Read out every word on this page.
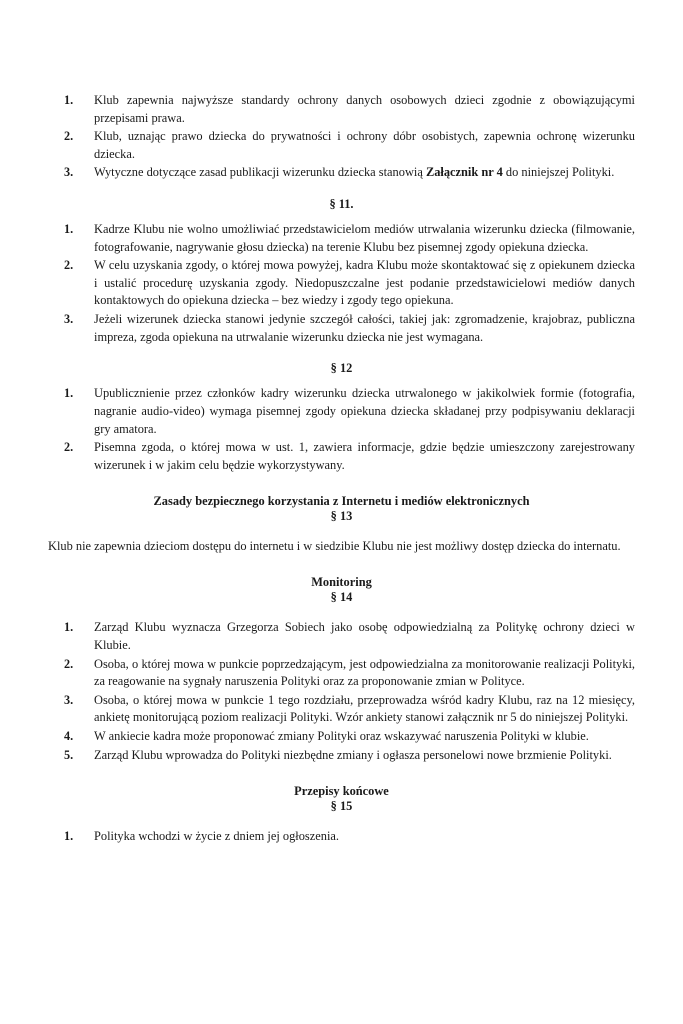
1. Klub zapewnia najwyższe standardy ochrony danych osobowych dzieci zgodnie z obowiązującymi przepisami prawa.
2. Klub, uznając prawo dziecka do prywatności i ochrony dóbr osobistych, zapewnia ochronę wizerunku dziecka.
3. Wytyczne dotyczące zasad publikacji wizerunku dziecka stanowią Załącznik nr 4 do niniejszej Polityki.

§ 11.

1. Kadrze Klubu nie wolno umożliwiać przedstawicielom mediów utrwalania wizerunku dziecka (filmowanie, fotografowanie, nagrywanie głosu dziecka) na terenie Klubu bez pisemnej zgody opiekuna dziecka.
2. W celu uzyskania zgody, o której mowa powyżej, kadra Klubu może skontaktować się z opiekunem dziecka i ustalić procedurę uzyskania zgody. Niedopuszczalne jest podanie przedstawicielowi mediów danych kontaktowych do opiekuna dziecka – bez wiedzy i zgody tego opiekuna.
3. Jeżeli wizerunek dziecka stanowi jedynie szczegół całości, takiej jak: zgromadzenie, krajobraz, publiczna impreza, zgoda opiekuna na utrwalanie wizerunku dziecka nie jest wymagana.

§ 12

1. Upublicznienie przez członków kadry wizerunku dziecka utrwalonego w jakikolwiek formie (fotografia, nagranie audio-video) wymaga pisemnej zgody opiekuna dziecka składanej przy podpisywaniu deklaracji gry amatora.
2. Pisemna zgoda, o której mowa w ust. 1, zawiera informacje, gdzie będzie umieszczony zarejestrowany wizerunek i w jakim celu będzie wykorzystywany.

Zasady bezpiecznego korzystania z Internetu i mediów elektronicznych

§ 13

Klub nie zapewnia dzieciom dostępu do internetu i w siedzibie Klubu nie jest możliwy dostęp dziecka do internatu.

Monitoring

§ 14

1. Zarząd Klubu wyznacza Grzegorza Sobiech jako osobę odpowiedzialną za Politykę ochrony dzieci w Klubie.
2. Osoba, o której mowa w punkcie poprzedzającym, jest odpowiedzialna za monitorowanie realizacji Polityki, za reagowanie na sygnały naruszenia Polityki oraz za proponowanie zmian w Polityce.
3. Osoba, o której mowa w punkcie 1 tego rozdziału, przeprowadza wśród kadry Klubu, raz na 12 miesięcy, ankietę monitorującą poziom realizacji Polityki. Wzór ankiety stanowi załącznik nr 5 do niniejszej Polityki.
4. W ankiecie kadra może proponować zmiany Polityki oraz wskazywać naruszenia Polityki w klubie.
5. Zarząd Klubu wprowadza do Polityki niezbędne zmiany i ogłasza personelowi nowe brzmienie Polityki.

Przepisy końcowe

§ 15

1. Polityka wchodzi w życie z dniem jej ogłoszenia.
